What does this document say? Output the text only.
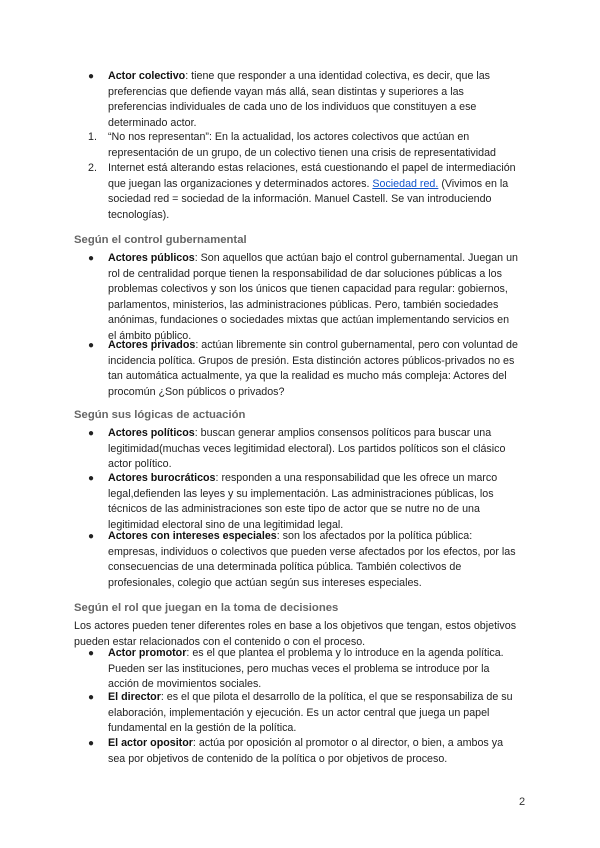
● Actor colectivo: tiene que responder a una identidad colectiva, es decir, que las preferencias que defiende vayan más allá, sean distintas y superiores a las preferencias individuales de cada uno de los individuos que constituyen a ese determinado actor.
1. “No nos representan”: En la actualidad, los actores colectivos que actúan en representación de un grupo, de un colectivo tienen una crisis de representatividad
2. Internet está alterando estas relaciones, está cuestionando el papel de intermediación que juegan las organizaciones y determinados actores. Sociedad red. (Vivimos en la sociedad red = sociedad de la información. Manuel Castell. Se van introduciendo tecnologías).
Según el control gubernamental
● Actores públicos: Son aquellos que actúan bajo el control gubernamental. Juegan un rol de centralidad porque tienen la responsabilidad de dar soluciones públicas a los problemas colectivos y son los únicos que tienen capacidad para regular: gobiernos, parlamentos, ministerios, las administraciones públicas. Pero, también sociedades anónimas, fundaciones o sociedades mixtas que actúan implementando servicios en el ámbito público.
● Actores privados: actúan libremente sin control gubernamental, pero con voluntad de incidencia política. Grupos de presión. Esta distinción actores públicos-privados no es tan automática actualmente, ya que la realidad es mucho más compleja: Actores del procomún ¿Son públicos o privados?
Según sus lógicas de actuación
● Actores políticos: buscan generar amplios consensos políticos para buscar una legitimidad(muchas veces legitimidad electoral). Los partidos políticos son el clásico actor político.
● Actores burocráticos: responden a una responsabilidad que les ofrece un marco legal,defienden las leyes y su implementación. Las administraciones públicas, los técnicos de las administraciones son este tipo de actor que se nutre no de una legitimidad electoral sino de una legitimidad legal.
● Actores con intereses especiales: son los afectados por la política pública: empresas, individuos o colectivos que pueden verse afectados por los efectos, por las consecuencias de una determinada política pública. También colectivos de profesionales, colegio que actúan según sus intereses especiales.
Según el rol que juegan en la toma de decisiones
Los actores pueden tener diferentes roles en base a los objetivos que tengan, estos objetivos pueden estar relacionados con el contenido o con el proceso.
● Actor promotor: es el que plantea el problema y lo introduce en la agenda política. Pueden ser las instituciones, pero muchas veces el problema se introduce por la acción de movimientos sociales.
● El director: es el que pilota el desarrollo de la política, el que se responsabiliza de su elaboración, implementación y ejecución. Es un actor central que juega un papel fundamental en la gestión de la política.
● El actor opositor: actúa por oposición al promotor o al director, o bien, a ambos ya sea por objetivos de contenido de la política o por objetivos de proceso.
2
